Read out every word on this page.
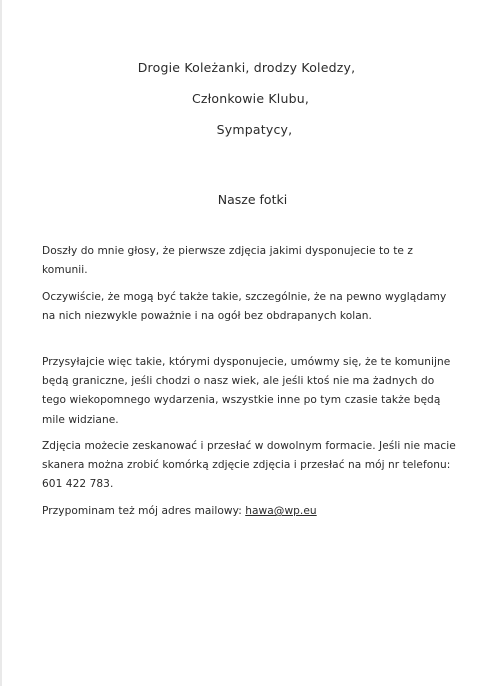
Drogie Koleżanki, drodzy Koledzy,
Członkowie Klubu,
Sympatycy,
Nasze fotki
Doszły do mnie głosy, że pierwsze zdjęcia jakimi dysponujecie to te z komunii.
Oczywiście, że mogą być także takie, szczególnie, że na pewno wyglądamy na nich niezwykle poważnie i na ogół bez obdrapanych kolan.
Przysyłajcie więc takie, którymi dysponujecie, umówmy się, że te komunijne będą graniczne, jeśli chodzi o nasz wiek, ale jeśli ktoś nie ma żadnych do tego wiekopomnego wydarzenia, wszystkie inne po tym czasie także będą mile widziane.
Zdjęcia możecie zeskanować i przesłać w dowolnym formacie. Jeśli nie macie skanera można zrobić komórką zdjęcie zdjęcia i przesłać na mój nr telefonu: 601 422 783.
Przypominam też mój adres mailowy: hawa@wp.eu
